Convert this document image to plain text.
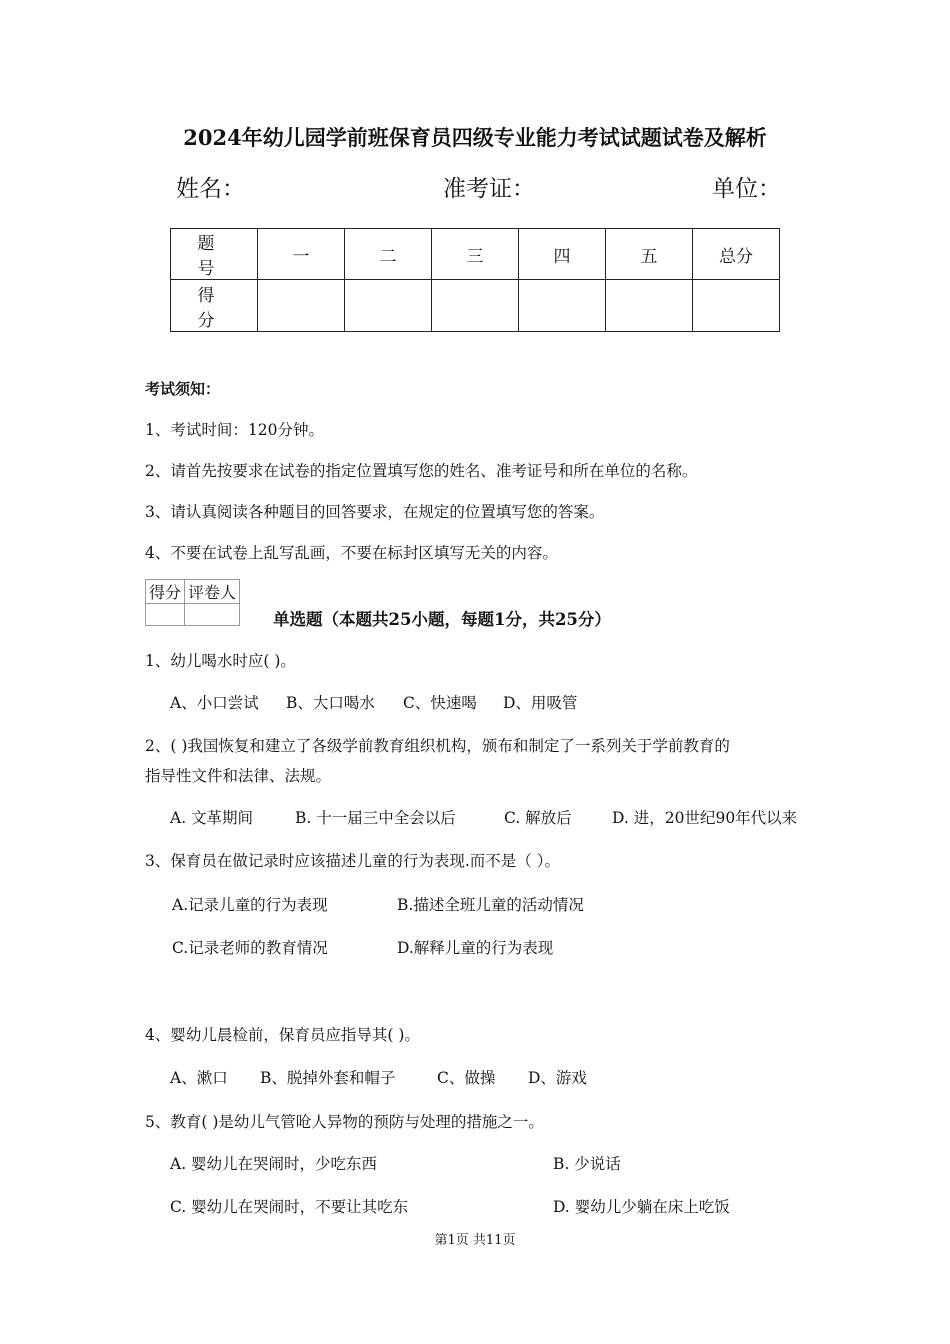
2024年幼儿园学前班保育员四级专业能力考试试题试卷及解析
姓名：	准考证：	单位：
题 号	一	二	三	四	五	总分
得 分						
考试须知：
1、考试时间：120分钟。
2、请首先按要求在试卷的指定位置填写您的姓名、准考证号和所在单位的名称。
3、请认真阅读各种题目的回答要求，在规定的位置填写您的答案。
4、不要在试卷上乱写乱画，不要在标封区填写无关的内容。
得分	评卷人

单选题（本题共25小题，每题1分，共25分）
1、幼儿喝水时应( )。
A、小口尝试 B、大口喝水 C、快速喝 D、用吸管
2、( )我国恢复和建立了各级学前教育组织机构，颁布和制定了一系列关于学前教育的
指导性文件和法律、法规。
A. 文革期间	B. 十一届三中全会以后	C. 解放后	D. 进，20世纪90年代以来
3、保育员在做记录时应该描述儿童的行为表现.而不是（ ）。
A.记录儿童的行为表现	B.描述全班儿童的活动情况
C.记录老师的教育情况	D.解释儿童的行为表现
4、婴幼儿晨检前，保育员应指导其( )。
A、漱口 B、脱掉外套和帽子	C、做操 D、游戏
5、教育( )是幼儿气管呛人异物的预防与处理的措施之一。
A. 婴幼儿在哭闹时，少吃东西	B. 少说话
C. 婴幼儿在哭闹时，不要让其吃东	D. 婴幼儿少躺在床上吃饭
第1页 共11页
